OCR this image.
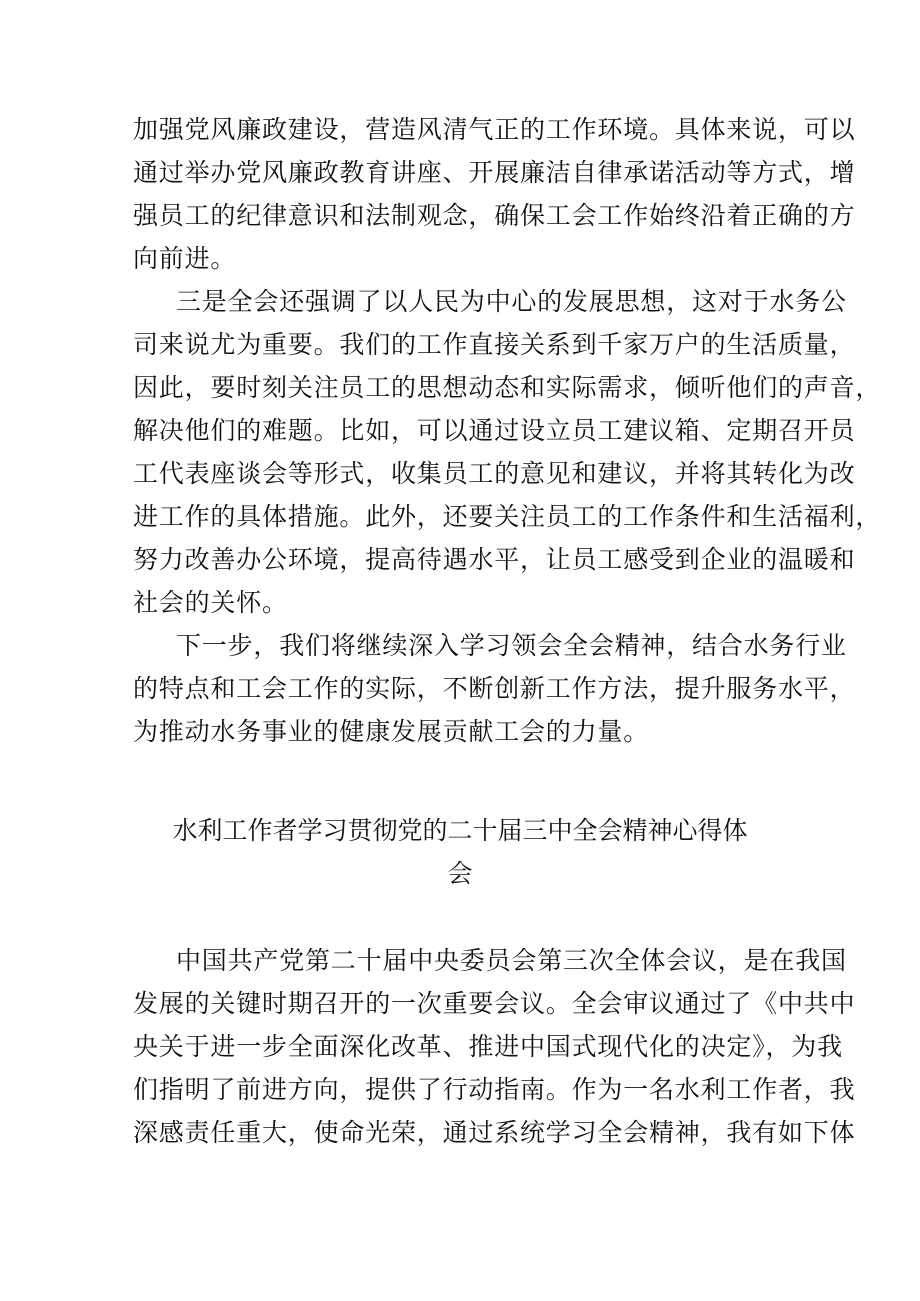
加强党风廉政建设，营造风清气正的工作环境。具体来说，可以
通过举办党风廉政教育讲座、开展廉洁自律承诺活动等方式，增
强员工的纪律意识和法制观念，确保工会工作始终沿着正确的方
向前进。
三是全会还强调了以人民为中心的发展思想，这对于水务公
司来说尤为重要。我们的工作直接关系到千家万户的生活质量，
因此，要时刻关注员工的思想动态和实际需求，倾听他们的声音，
解决他们的难题。比如，可以通过设立员工建议箱、定期召开员
工代表座谈会等形式，收集员工的意见和建议，并将其转化为改
进工作的具体措施。此外，还要关注员工的工作条件和生活福利，
努力改善办公环境，提高待遇水平，让员工感受到企业的温暖和
社会的关怀。
下一步，我们将继续深入学习领会全会精神，结合水务行业
的特点和工会工作的实际，不断创新工作方法，提升服务水平，
为推动水务事业的健康发展贡献工会的力量。
水利工作者学习贯彻党的二十届三中全会精神心得体
会
中国共产党第二十届中央委员会第三次全体会议，是在我国
发展的关键时期召开的一次重要会议。全会审议通过了《中共中
央关于进一步全面深化改革、推进中国式现代化的决定》，为我
们指明了前进方向，提供了行动指南。作为一名水利工作者，我
深感责任重大，使命光荣，通过系统学习全会精神，我有如下体
